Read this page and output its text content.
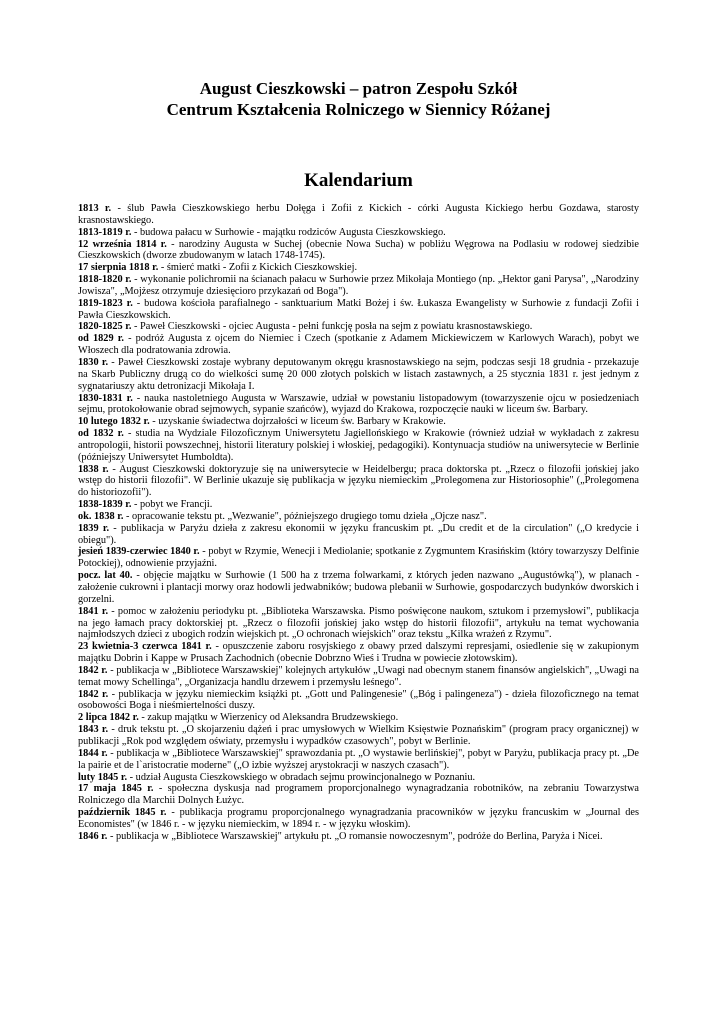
August Cieszkowski – patron Zespołu Szkół
Centrum Kształcenia Rolniczego w Siennicy Różanej
Kalendarium

1813 r. - ślub Pawła Cieszkowskiego herbu Dołęga i Zofii z Kickich - córki Augusta Kickiego herbu Gozdawa, starosty krasnostawskiego.

1813-1819 r. - budowa pałacu w Surhowie - majątku rodziców Augusta Cieszkowskiego.

12 września 1814 r. - narodziny Augusta w Suchej (obecnie Nowa Sucha) w pobliżu Węgrowa na Podlasiu w rodowej siedzibie Cieszkowskich (dworze zbudowanym w latach 1748-1745).

17 sierpnia 1818 r. - śmierć matki - Zofii z Kickich Cieszkowskiej.

1818-1820 r. - wykonanie polichromii na ścianach pałacu w Surhowie przez Mikołaja Montiego (np. „Hektor gani Parysa", „Narodziny Jowisza", „Mojżesz otrzymuje dziesięcioro przykazań od Boga").

1819-1823 r. - budowa kościoła parafialnego - sanktuarium Matki Bożej i św. Łukasza Ewangelisty w Surhowie z fundacji Zofii i Pawła Cieszkowskich.

1820-1825 r. - Paweł Cieszkowski - ojciec Augusta - pełni funkcję posła na sejm z powiatu krasnostawskiego.

od 1829 r. - podróż Augusta z ojcem do Niemiec i Czech (spotkanie z Adamem Mickiewiczem w Karlowych Warach), pobyt we Włoszech dla podratowania zdrowia.

1830 r. - Paweł Cieszkowski zostaje wybrany deputowanym okręgu krasnostawskiego na sejm, podczas sesji 18 grudnia - przekazuje na Skarb Publiczny drugą co do wielkości sumę 20 000 złotych polskich w listach zastawnych, a 25 stycznia 1831 r. jest jednym z sygnatariuszy aktu detronizacji Mikołaja I.

1830-1831 r. - nauka nastoletniego Augusta w Warszawie, udział w powstaniu listopadowym (towarzyszenie ojcu w posiedzeniach sejmu, protokołowanie obrad sejmowych, sypanie szańców), wyjazd do Krakowa, rozpoczęcie nauki w liceum św. Barbary.

10 lutego 1832 r. - uzyskanie świadectwa dojrzałości w liceum św. Barbary w Krakowie.

od 1832 r. - studia na Wydziale Filozoficznym Uniwersytetu Jagiellońskiego w Krakowie (również udział w wykładach z zakresu antropologii, historii powszechnej, historii literatury polskiej i włoskiej, pedagogiki). Kontynuacja studiów na uniwersytecie w Berlinie (późniejszy Uniwersytet Humboldta).

1838 r. - August Cieszkowski doktoryzuje się na uniwersytecie w Heidelbergu; praca doktorska pt. „Rzecz o filozofii jońskiej jako wstęp do historii filozofii". W Berlinie ukazuje się publikacja w języku niemieckim „Prolegomena zur Historiosophie" („Prolegomena do historiozofii").

1838-1839 r. - pobyt we Francji.

ok. 1838 r. - opracowanie tekstu pt. „Wezwanie", późniejszego drugiego tomu dzieła „Ojcze nasz".

1839 r. - publikacja w Paryżu dzieła z zakresu ekonomii w języku francuskim pt. „Du credit et de la circulation" („O kredycie i obiegu").

jesień 1839-czerwiec 1840 r. - pobyt w Rzymie, Wenecji i Mediolanie; spotkanie z Zygmuntem Krasińskim (który towarzyszy Delfinie Potockiej), odnowienie przyjaźni.

pocz. lat 40. - objęcie majątku w Surhowie (1 500 ha z trzema folwarkami, z których jeden nazwano „Augustówką"), w planach - założenie cukrowni i plantacji morwy oraz hodowli jedwabników; budowa plebanii w Surhowie, gospodarczych budynków dworskich i gorzelni.

1841 r. - pomoc w założeniu periodyku pt. „Biblioteka Warszawska. Pismo poświęcone naukom, sztukom i przemysłowi", publikacja na jego łamach pracy doktorskiej pt. „Rzecz o filozofii jońskiej jako wstęp do historii filozofii", artykułu na temat wychowania najmłodszych dzieci z ubogich rodzin wiejskich pt. „O ochronach wiejskich" oraz tekstu „Kilka wrażeń z Rzymu".

23 kwietnia-3 czerwca 1841 r. - opuszczenie zaboru rosyjskiego z obawy przed dalszymi represjami, osiedlenie się w zakupionym majątku Dobrin i Kappe w Prusach Zachodnich (obecnie Dobrzno Wieś i Trudna w powiecie złotowskim).

1842 r. - publikacja w „Bibliotece Warszawskiej" kolejnych artykułów „Uwagi nad obecnym stanem finansów angielskich", „Uwagi na temat mowy Schellinga", „Organizacja handlu drzewem i przemysłu leśnego".

1842 r. - publikacja w języku niemieckim książki pt. „Gott und Palingenesie" („Bóg i palingeneza") - dzieła filozoficznego na temat osobowości Boga i nieśmiertelności duszy.

2 lipca 1842 r. - zakup majątku w Wierzenicy od Aleksandra Brudzewskiego.

1843 r. - druk tekstu pt. „O skojarzeniu dążeń i prac umysłowych w Wielkim Księstwie Poznańskim" (program pracy organicznej) w publikacji „Rok pod względem oświaty, przemysłu i wypadków czasowych", pobyt w Berlinie.

1844 r. - publikacja w „Bibliotece Warszawskiej" sprawozdania pt. „O wystawie berlińskiej", pobyt w Paryżu, publikacja pracy pt. „De la pairie et de l`aristocratie moderne" („O izbie wyższej arystokracji w naszych czasach").

luty 1845 r. - udział Augusta Cieszkowskiego w obradach sejmu prowincjonalnego w Poznaniu.

17 maja 1845 r. - społeczna dyskusja nad programem proporcjonalnego wynagradzania robotników, na zebraniu Towarzystwa Rolniczego dla Marchii Dolnych Łużyc.

październik 1845 r. - publikacja programu proporcjonalnego wynagradzania pracowników w języku francuskim w „Journal des Economistes" (w 1846 r. - w języku niemieckim, w 1894 r. - w języku włoskim).

1846 r. - publikacja w „Bibliotece Warszawskiej" artykułu pt. „O romansie nowoczesnym", podróże do Berlina, Paryża i Nicei.
